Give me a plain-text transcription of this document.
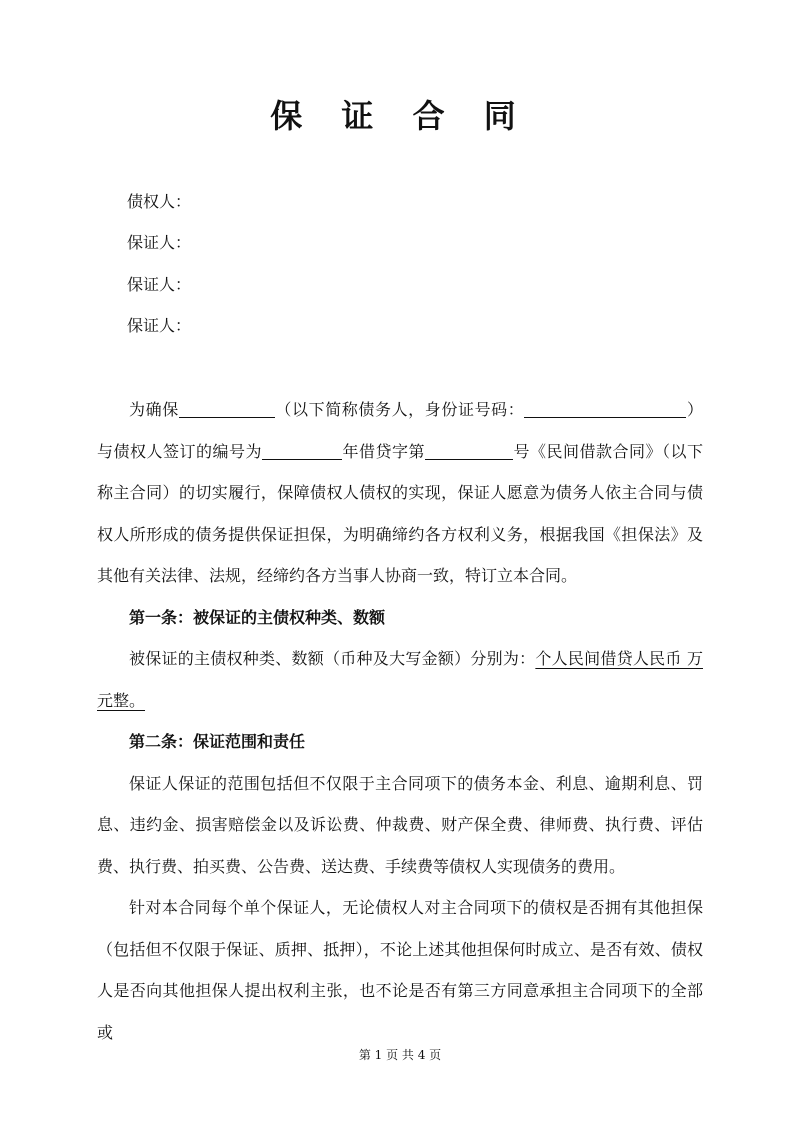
保 证 合 同
债权人：
保证人：
保证人：
保证人：

为确保	（以下简称债务人，身份证号码：	）与债权人签订的编号为	年借贷字第	号《民间借款合同》（以下称主合同）的切实履行，保障债权人债权的实现，保证人愿意为债务人依主合同与债权人所形成的债务提供保证担保，为明确缔约各方权利义务，根据我国《担保法》及其他有关法律、法规，经缔约各方当事人协商一致，特订立本合同。

第一条：被保证的主债权种类、数额

被保证的主债权种类、数额（币种及大写金额）分别为：个人民间借贷人民币 万元整。

第二条：保证范围和责任

保证人保证的范围包括但不仅限于主合同项下的债务本金、利息、逾期利息、罚息、违约金、损害赔偿金以及诉讼费、仲裁费、财产保全费、律师费、执行费、评估费、执行费、拍买费、公告费、送达费、手续费等债权人实现债务的费用。

针对本合同每个单个保证人，无论债权人对主合同项下的债权是否拥有其他担保（包括但不仅限于保证、质押、抵押），不论上述其他担保何时成立、是否有效、债权人是否向其他担保人提出权利主张，也不论是否有第三方同意承担主合同项下的全部或

第 1 页 共 4 页
